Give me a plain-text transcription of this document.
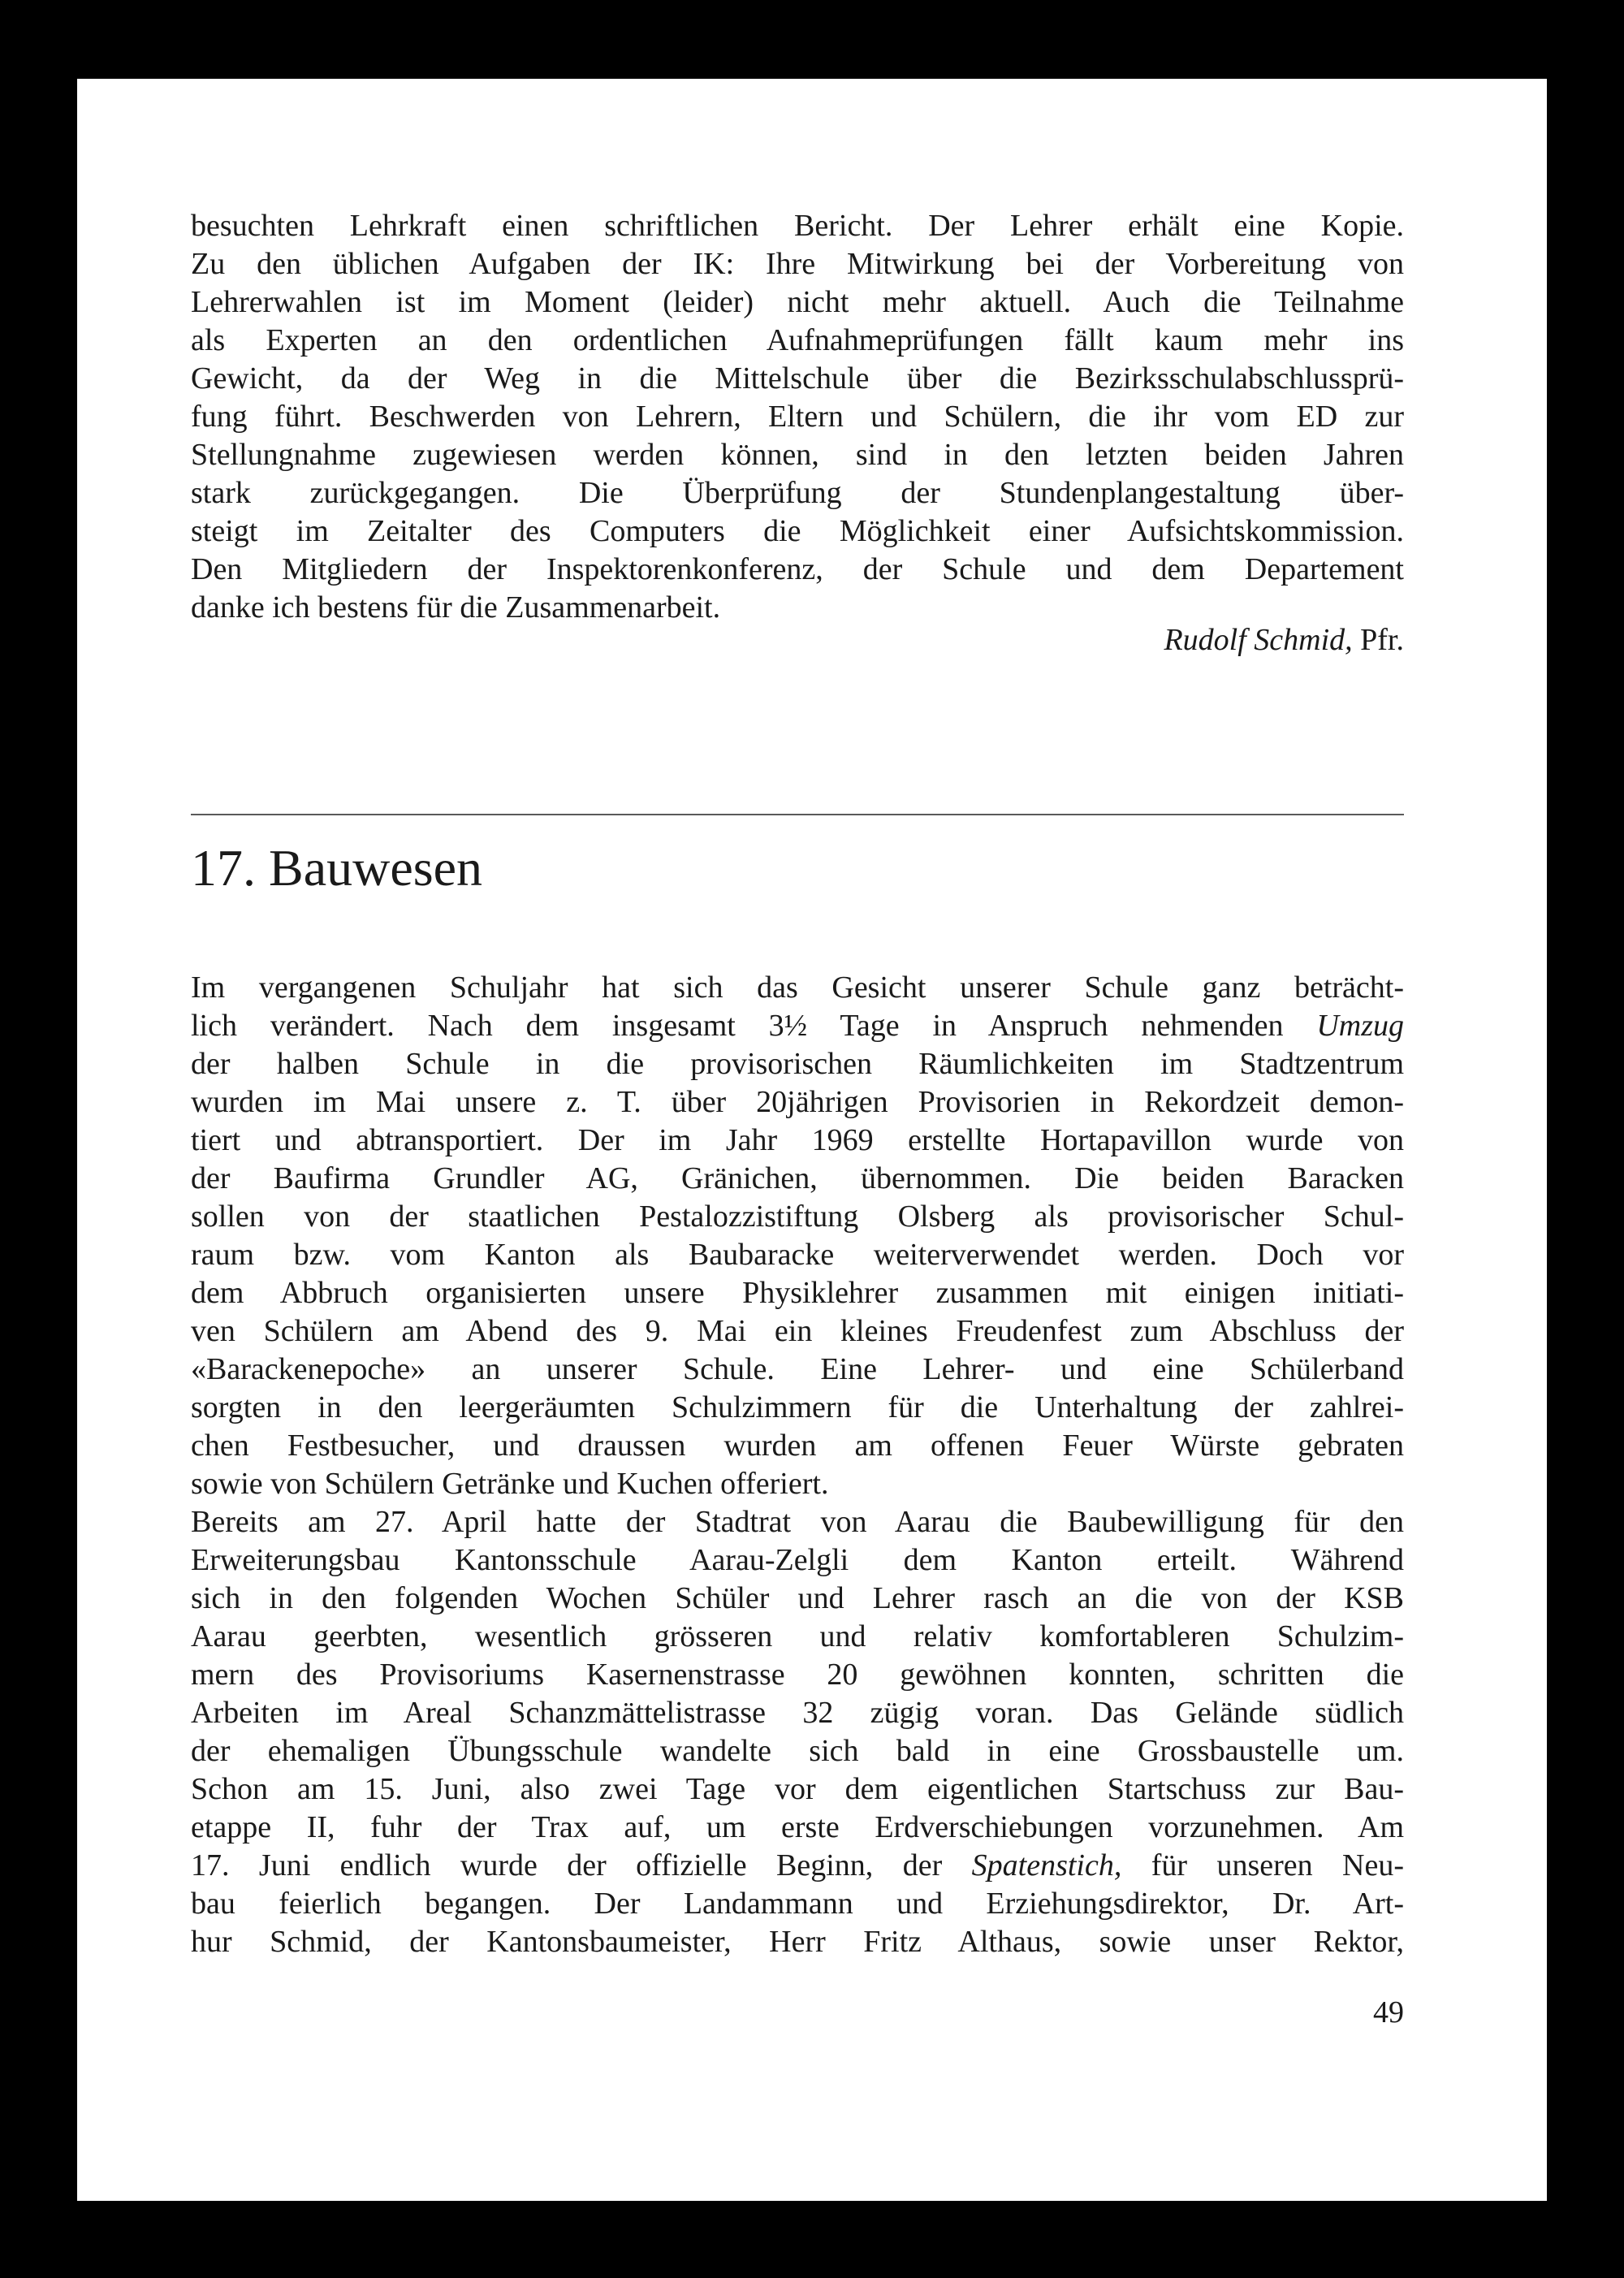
besuchten Lehrkraft einen schriftlichen Bericht. Der Lehrer erhält eine Kopie.
Zu den üblichen Aufgaben der IK: Ihre Mitwirkung bei der Vorbereitung von
Lehrerwahlen ist im Moment (leider) nicht mehr aktuell. Auch die Teilnahme
als Experten an den ordentlichen Aufnahmeprüfungen fällt kaum mehr ins
Gewicht, da der Weg in die Mittelschule über die Bezirksschulabschlussprü-
fung führt. Beschwerden von Lehrern, Eltern und Schülern, die ihr vom ED zur
Stellungnahme zugewiesen werden können, sind in den letzten beiden Jahren
stark zurückgegangen. Die Überprüfung der Stundenplangestaltung über-
steigt im Zeitalter des Computers die Möglichkeit einer Aufsichtskommission.
Den Mitgliedern der Inspektorenkonferenz, der Schule und dem Departement
danke ich bestens für die Zusammenarbeit.
Rudolf Schmid, Pfr.
17. Bauwesen
Im vergangenen Schuljahr hat sich das Gesicht unserer Schule ganz beträcht-
lich verändert. Nach dem insgesamt 3½ Tage in Anspruch nehmenden Umzug
der halben Schule in die provisorischen Räumlichkeiten im Stadtzentrum
wurden im Mai unsere z. T. über 20jährigen Provisorien in Rekordzeit demon-
tiert und abtransportiert. Der im Jahr 1969 erstellte Hortapavillon wurde von
der Baufirma Grundler AG, Gränichen, übernommen. Die beiden Baracken
sollen von der staatlichen Pestalozzistiftung Olsberg als provisorischer Schul-
raum bzw. vom Kanton als Baubaracke weiterverwendet werden. Doch vor
dem Abbruch organisierten unsere Physiklehrer zusammen mit einigen initiati-
ven Schülern am Abend des 9. Mai ein kleines Freudenfest zum Abschluss der
«Barackenepoche» an unserer Schule. Eine Lehrer- und eine Schülerband
sorgten in den leergeräumten Schulzimmern für die Unterhaltung der zahlrei-
chen Festbesucher, und draussen wurden am offenen Feuer Würste gebraten
sowie von Schülern Getränke und Kuchen offeriert.
Bereits am 27. April hatte der Stadtrat von Aarau die Baubewilligung für den
Erweiterungsbau Kantonsschule Aarau-Zelgli dem Kanton erteilt. Während
sich in den folgenden Wochen Schüler und Lehrer rasch an die von der KSB
Aarau geerbten, wesentlich grösseren und relativ komfortableren Schulzim-
mern des Provisoriums Kasernenstrasse 20 gewöhnen konnten, schritten die
Arbeiten im Areal Schanzmättelistrasse 32 zügig voran. Das Gelände südlich
der ehemaligen Übungsschule wandelte sich bald in eine Grossbaustelle um.
Schon am 15. Juni, also zwei Tage vor dem eigentlichen Startschuss zur Bau-
etappe II, fuhr der Trax auf, um erste Erdverschiebungen vorzunehmen. Am
17. Juni endlich wurde der offizielle Beginn, der Spatenstich, für unseren Neu-
bau feierlich begangen. Der Landammann und Erziehungsdirektor, Dr. Art-
hur Schmid, der Kantonsbaumeister, Herr Fritz Althaus, sowie unser Rektor,
49
